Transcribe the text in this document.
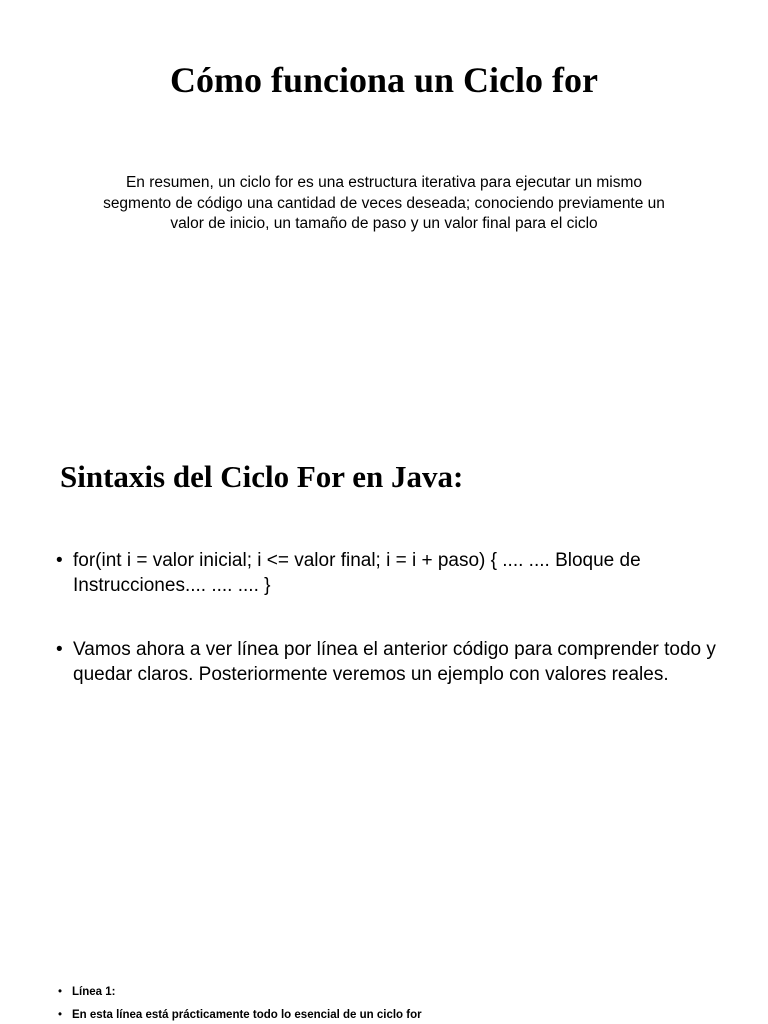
Cómo funciona un Ciclo for

En resumen, un ciclo for es una estructura iterativa para ejecutar un mismo segmento de código una cantidad de veces deseada; conociendo previamente un valor de inicio, un tamaño de paso y un valor final para el ciclo

Sintaxis del Ciclo For en Java:
• for(int i = valor inicial; i <= valor final; i = i + paso) { .... .... Bloque de Instrucciones.... .... .... }
• Vamos ahora a ver línea por línea el anterior código para comprender todo y quedar claros. Posteriormente veremos un ejemplo con valores reales.
• Línea 1:
• En esta línea está prácticamente todo lo esencial de un ciclo for
